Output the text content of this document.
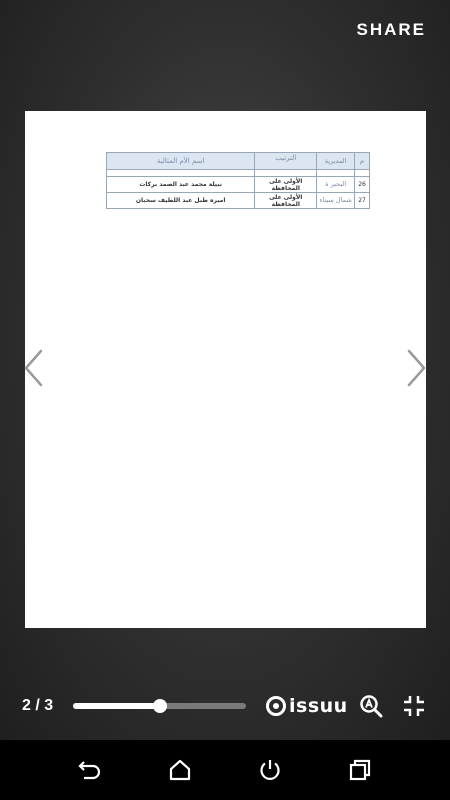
SHARE
م	المديرية	الترتيب	اسم الأم المثالية

26	البحير ة	الأولى على المحافظة	نبيلة محمد عبد الصمد بركات
27	شمال سيناء	الأولى على المحافظة	اميره طبل عبد اللطيف سحبان
2 / 3	issuu
